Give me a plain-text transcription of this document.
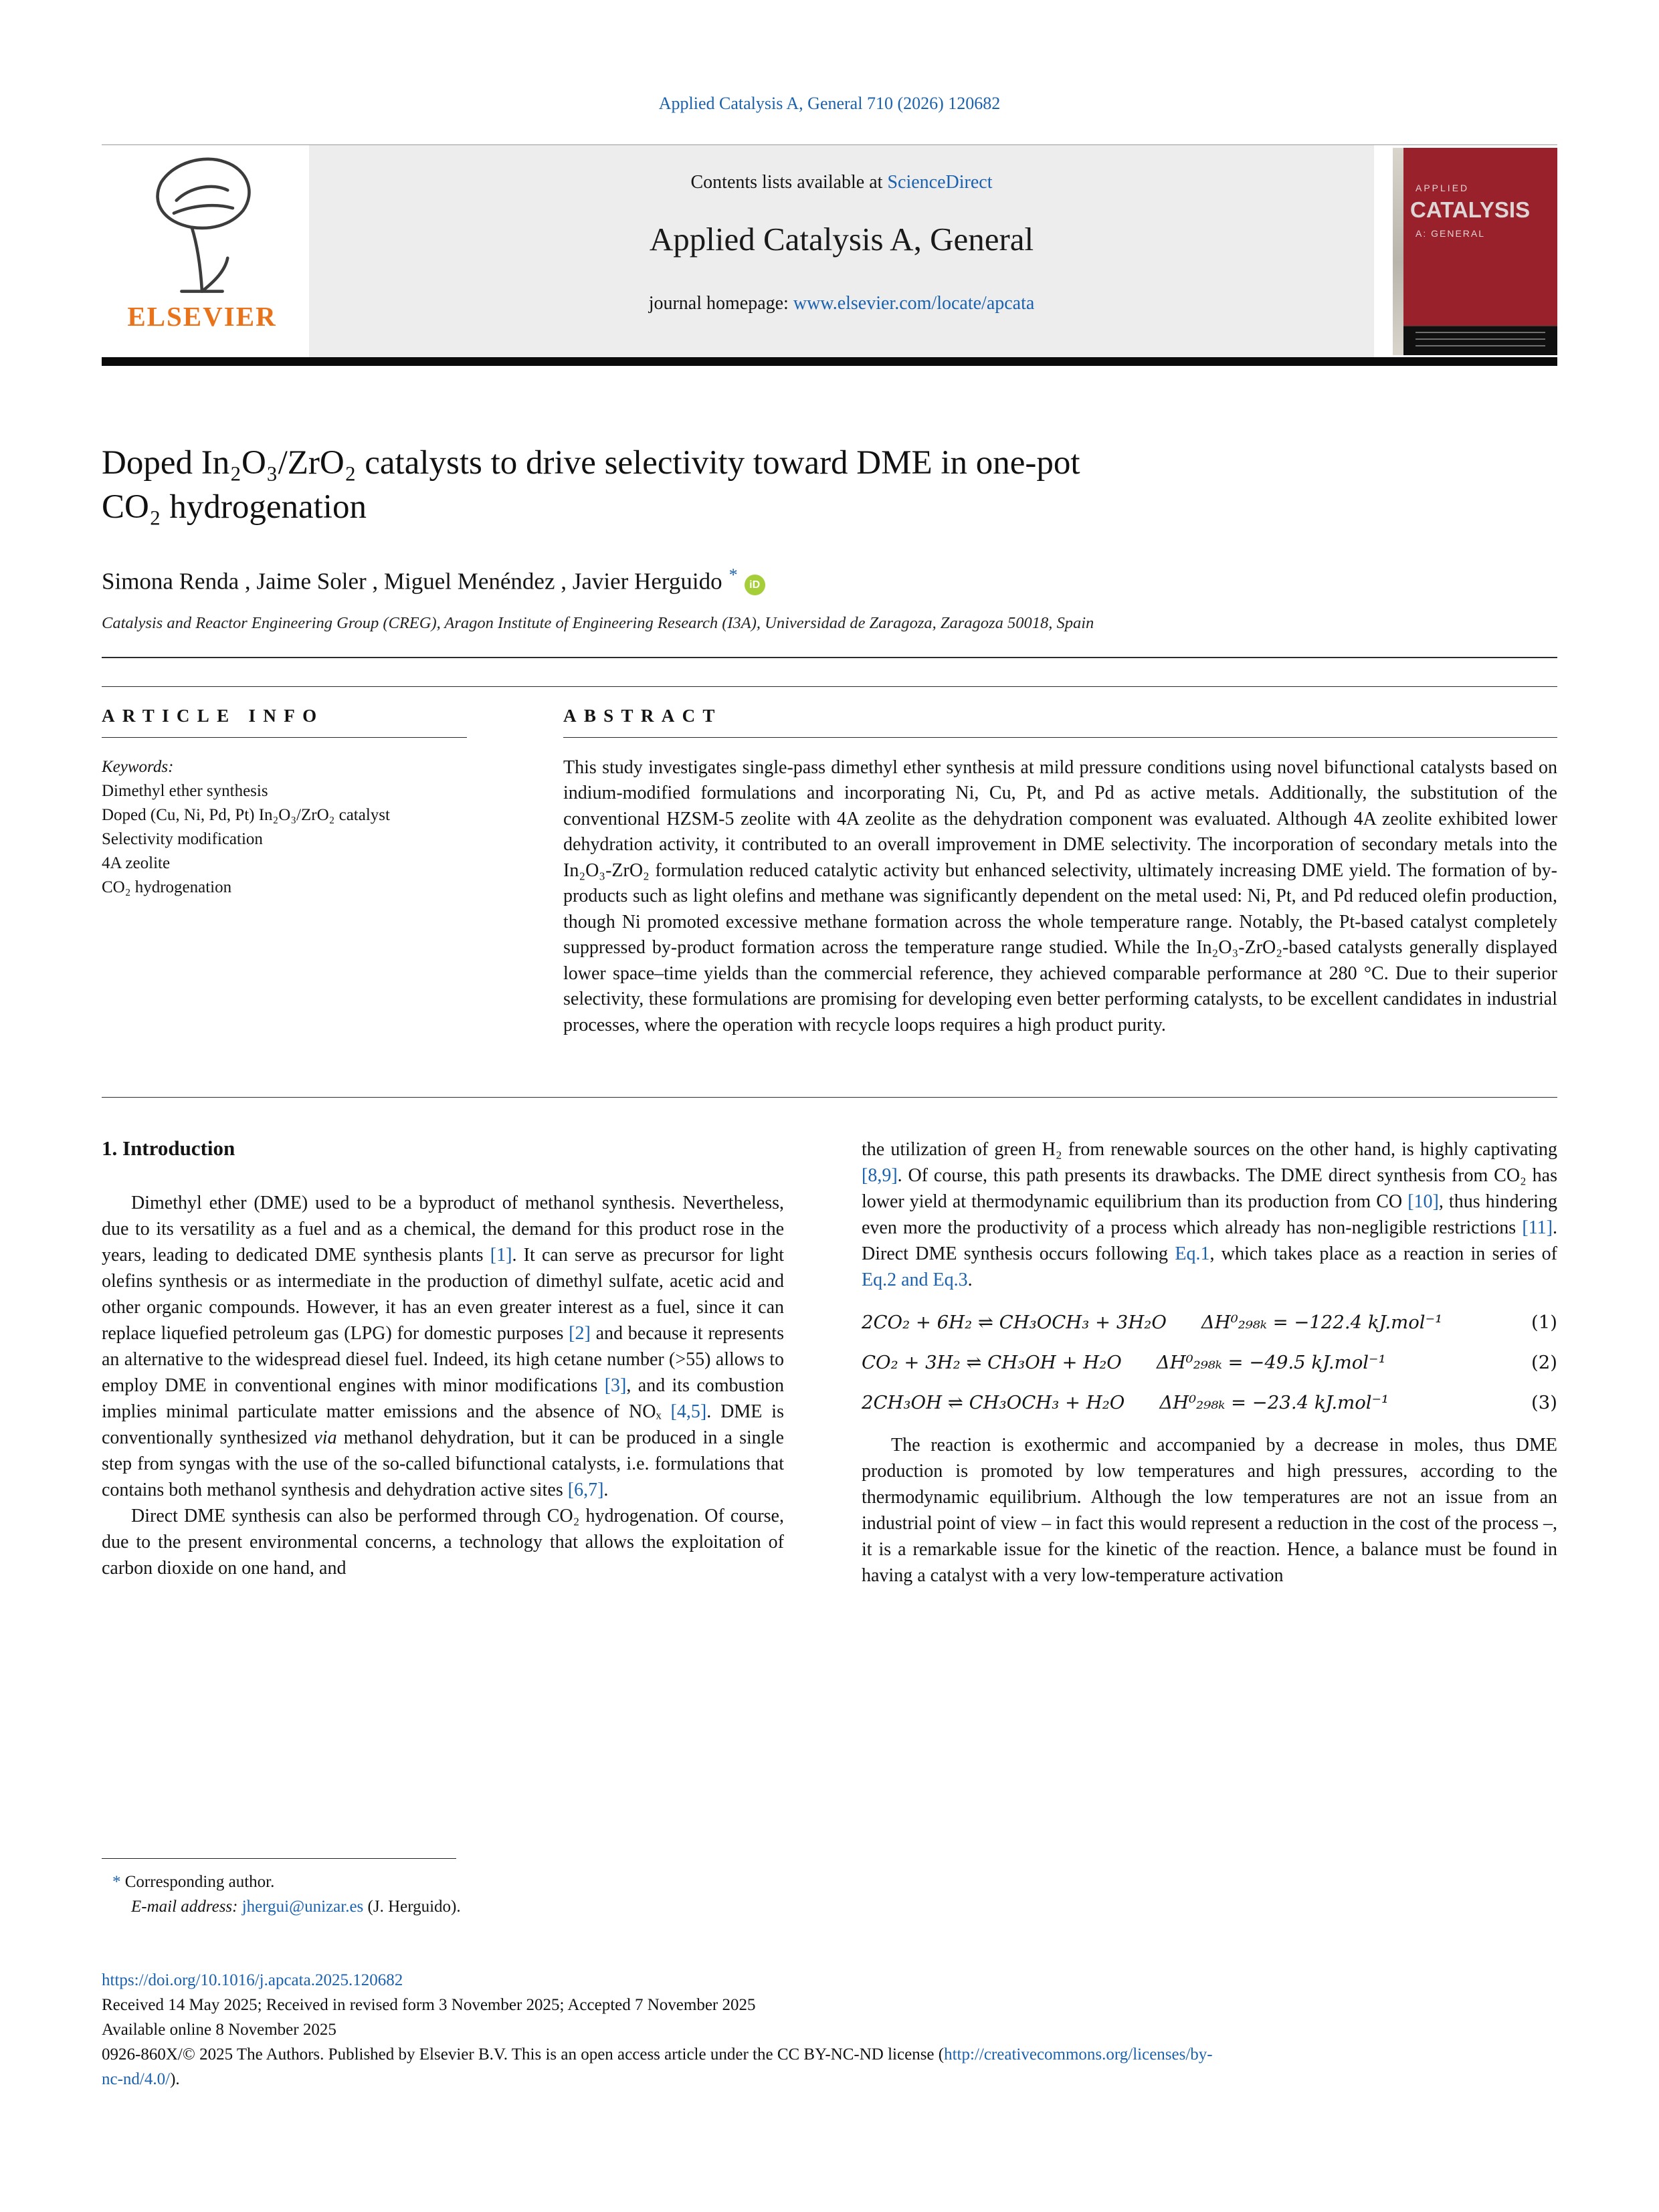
Applied Catalysis A, General 710 (2026) 120682
ELSEVIER
Contents lists available at ScienceDirect
Applied Catalysis A, General
journal homepage: www.elsevier.com/locate/apcata
APPLIED
CATALYSIS
A: GENERAL
Doped In₂O₃/ZrO₂ catalysts to drive selectivity toward DME in one-pot
CO₂ hydrogenation
Simona Renda , Jaime Soler , Miguel Menéndez , Javier Herguido *iD
Catalysis and Reactor Engineering Group (CREG), Aragon Institute of Engineering Research (I3A), Universidad de Zaragoza, Zaragoza 50018, Spain
ARTICLE INFO
Keywords:
Dimethyl ether synthesis
Doped (Cu, Ni, Pd, Pt) In₂O₃/ZrO₂ catalyst
Selectivity modification
4A zeolite
CO₂ hydrogenation
ABSTRACT

This study investigates single-pass dimethyl ether synthesis at mild pressure conditions using novel bifunctional catalysts based on indium-modified formulations and incorporating Ni, Cu, Pt, and Pd as active metals. Additionally, the substitution of the conventional HZSM-5 zeolite with 4A zeolite as the dehydration component was evaluated. Although 4A zeolite exhibited lower dehydration activity, it contributed to an overall improvement in DME selectivity. The incorporation of secondary metals into the In₂O₃-ZrO₂ formulation reduced catalytic activity but enhanced selectivity, ultimately increasing DME yield. The formation of by-products such as light olefins and methane was significantly dependent on the metal used: Ni, Pt, and Pd reduced olefin production, though Ni promoted excessive methane formation across the whole temperature range. Notably, the Pt-based catalyst completely suppressed by-product formation across the temperature range studied. While the In₂O₃-ZrO₂-based catalysts generally displayed lower space–time yields than the commercial reference, they achieved comparable performance at 280 °C. Due to their superior selectivity, these formulations are promising for developing even better performing catalysts, to be excellent candidates in industrial processes, where the operation with recycle loops requires a high product purity.

1. Introduction

Dimethyl ether (DME) used to be a byproduct of methanol synthesis. Nevertheless, due to its versatility as a fuel and as a chemical, the demand for this product rose in the years, leading to dedicated DME synthesis plants [1]. It can serve as precursor for light olefins synthesis or as intermediate in the production of dimethyl sulfate, acetic acid and other organic compounds. However, it has an even greater interest as a fuel, since it can replace liquefied petroleum gas (LPG) for domestic purposes [2] and because it represents an alternative to the widespread diesel fuel. Indeed, its high cetane number (>55) allows to employ DME in conventional engines with minor modifications [3], and its combustion implies minimal particulate matter emissions and the absence of NOₓ [4,5]. DME is conventionally synthesized via methanol dehydration, but it can be produced in a single step from syngas with the use of the so-called bifunctional catalysts, i.e. formulations that contains both methanol synthesis and dehydration active sites [6,7].

Direct DME synthesis can also be performed through CO₂ hydrogenation. Of course, due to the present environmental concerns, a technology that allows the exploitation of carbon dioxide on one hand, and

the utilization of green H₂ from renewable sources on the other hand, is highly captivating [8,9]. Of course, this path presents its drawbacks. The DME direct synthesis from CO₂ has lower yield at thermodynamic equilibrium than its production from CO [10], thus hindering even more the productivity of a process which already has non-negligible restrictions [11]. Direct DME synthesis occurs following Eq.1, which takes place as a reaction in series of Eq.2 and Eq.3.

2CO₂ + 6H₂ ⇌ CH₃OCH₃ + 3H₂O ΔH⁰₂₉₈ₖ = −122.4 kJ.mol⁻¹	(1)
CO₂ + 3H₂ ⇌ CH₃OH + H₂O ΔH⁰₂₉₈ₖ = −49.5 kJ.mol⁻¹	(2)
2CH₃OH ⇌ CH₃OCH₃ + H₂O ΔH⁰₂₉₈ₖ = −23.4 kJ.mol⁻¹	(3)

The reaction is exothermic and accompanied by a decrease in moles, thus DME production is promoted by low temperatures and high pressures, according to the thermodynamic equilibrium. Although the low temperatures are not an issue from an industrial point of view – in fact this would represent a reduction in the cost of the process –, it is a remarkable issue for the kinetic of the reaction. Hence, a balance must be found in having a catalyst with a very low-temperature activation

* Corresponding author.
E-mail address: jhergui@unizar.es (J. Herguido).
https://doi.org/10.1016/j.apcata.2025.120682
Received 14 May 2025; Received in revised form 3 November 2025; Accepted 7 November 2025
Available online 8 November 2025
0926-860X/© 2025 The Authors. Published by Elsevier B.V. This is an open access article under the CC BY-NC-ND license (http://creativecommons.org/licenses/by-
nc-nd/4.0/).
